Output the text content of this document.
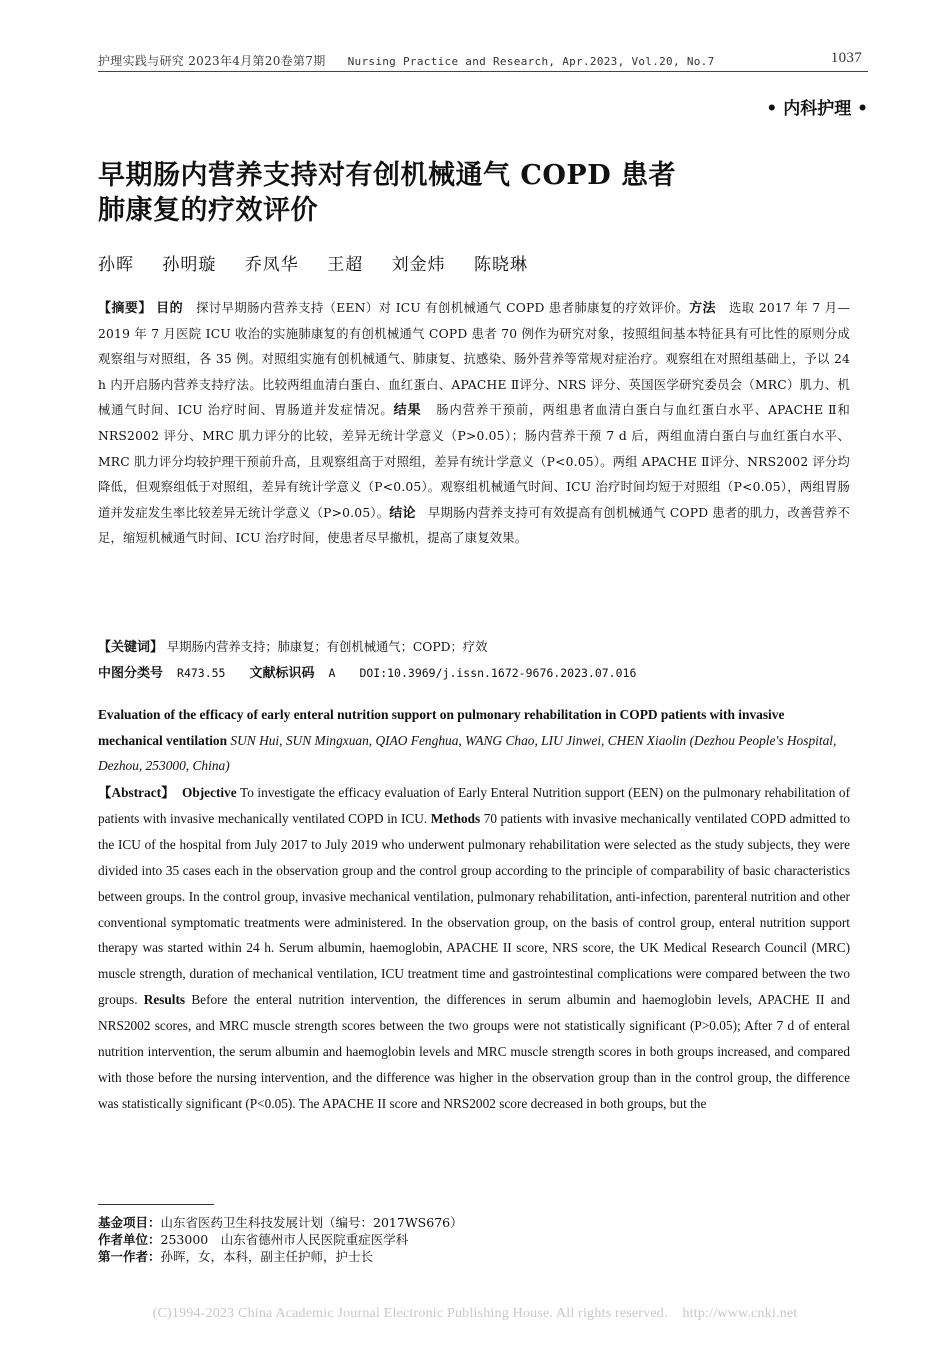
护理实践与研究 2023年4月第20卷第7期 Nursing Practice and Research, Apr.2023, Vol.20, No.7	1037
• 内科护理 •
早期肠内营养支持对有创机械通气 COPD 患者
肺康复的疗效评价
孙晖 孙明璇 乔凤华 王超 刘金炜 陈晓琳
【摘要】 目的 探讨早期肠内营养支持（EEN）对 ICU 有创机械通气 COPD 患者肺康复的疗效评价。方法 选取 2017 年 7 月—2019 年 7 月医院 ICU 收治的实施肺康复的有创机械通气 COPD 患者 70 例作为研究对象，按照组间基本特征具有可比性的原则分成观察组与对照组，各 35 例。对照组实施有创机械通气、肺康复、抗感染、肠外营养等常规对症治疗。观察组在对照组基础上，予以 24 h 内开启肠内营养支持疗法。比较两组血清白蛋白、血红蛋白、APACHE Ⅱ评分、NRS 评分、英国医学研究委员会（MRC）肌力、机械通气时间、ICU 治疗时间、胃肠道并发症情况。结果 肠内营养干预前，两组患者血清白蛋白与血红蛋白水平、APACHE Ⅱ和 NRS2002 评分、MRC 肌力评分的比较，差异无统计学意义（P>0.05）；肠内营养干预 7 d 后，两组血清白蛋白与血红蛋白水平、MRC 肌力评分均较护理干预前升高，且观察组高于对照组，差异有统计学意义（P<0.05）。两组 APACHE Ⅱ评分、NRS2002 评分均降低，但观察组低于对照组，差异有统计学意义（P<0.05）。观察组机械通气时间、ICU 治疗时间均短于对照组（P<0.05），两组胃肠道并发症发生率比较差异无统计学意义（P>0.05）。结论 早期肠内营养支持可有效提高有创机械通气 COPD 患者的肌力，改善营养不足，缩短机械通气时间、ICU 治疗时间，使患者尽早撤机，提高了康复效果。
【关键词】 早期肠内营养支持；肺康复；有创机械通气；COPD；疗效
中图分类号 R473.55 文献标识码 A DOI:10.3969/j.issn.1672-9676.2023.07.016
Evaluation of the efficacy of early enteral nutrition support on pulmonary rehabilitation in COPD patients with invasive mechanical ventilation SUN Hui, SUN Mingxuan, QIAO Fenghua, WANG Chao, LIU Jinwei, CHEN Xiaolin (Dezhou People's Hospital, Dezhou, 253000, China)
【Abstract】 Objective To investigate the efficacy evaluation of Early Enteral Nutrition support (EEN) on the pulmonary rehabilitation of patients with invasive mechanically ventilated COPD in ICU. Methods 70 patients with invasive mechanically ventilated COPD admitted to the ICU of the hospital from July 2017 to July 2019 who underwent pulmonary rehabilitation were selected as the study subjects, they were divided into 35 cases each in the observation group and the control group according to the principle of comparability of basic characteristics between groups. In the control group, invasive mechanical ventilation, pulmonary rehabilitation, anti-infection, parenteral nutrition and other conventional symptomatic treatments were administered. In the observation group, on the basis of control group, enteral nutrition support therapy was started within 24 h. Serum albumin, haemoglobin, APACHE II score, NRS score, the UK Medical Research Council (MRC) muscle strength, duration of mechanical ventilation, ICU treatment time and gastrointestinal complications were compared between the two groups. Results Before the enteral nutrition intervention, the differences in serum albumin and haemoglobin levels, APACHE II and NRS2002 scores, and MRC muscle strength scores between the two groups were not statistically significant (P>0.05); After 7 d of enteral nutrition intervention, the serum albumin and haemoglobin levels and MRC muscle strength scores in both groups increased, and compared with those before the nursing intervention, and the difference was higher in the observation group than in the control group, the difference was statistically significant (P<0.05). The APACHE II score and NRS2002 score decreased in both groups, but the
基金项目：山东省医药卫生科技发展计划（编号：2017WS676）
作者单位：253000　山东省德州市人民医院重症医学科
第一作者：孙晖，女，本科，副主任护师，护士长
(C)1994-2023 China Academic Journal Electronic Publishing House. All rights reserved.    http://www.cnki.net
